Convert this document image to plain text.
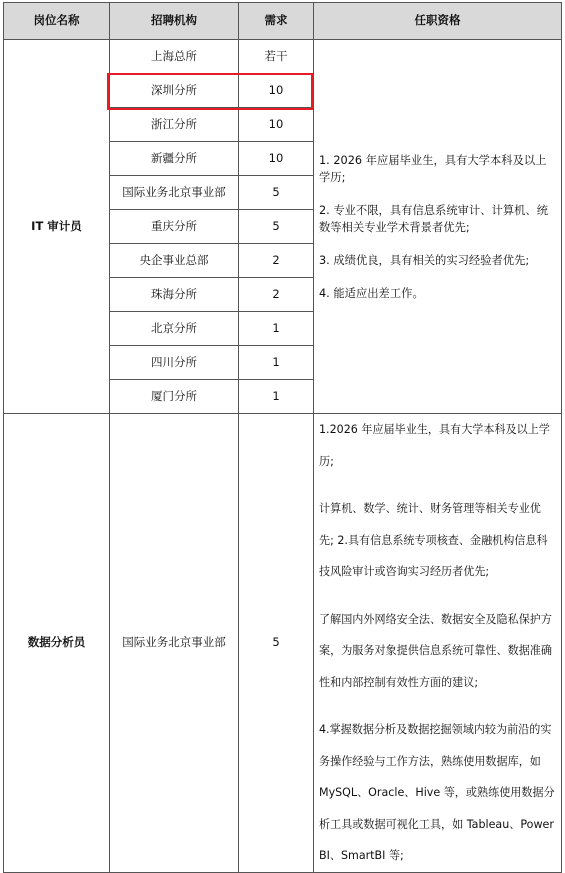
岗位名称	招聘机构	需求	任职资格
IT 审计员	上海总所	若干	1. 2026 年应届毕业生，具有大学本科及以上学历;

2. 专业不限，具有信息系统审计、计算机、统数等相关专业学术背景者优先;

3. 成绩优良，具有相关的实习经验者优先;

4. 能适应出差工作。

	深圳分所	10	
	浙江分所	10	
	新疆分所	10	
	国际业务北京事业部	5	
	重庆分所	5	
	央企事业总部	2	
	珠海分所	2	
	北京分所	1	
	四川分所	1	
	厦门分所	1	
数据分析员	国际业务北京事业部	5	1.2026 年应届毕业生，具有大学本科及以上学历;

计算机、数学、统计、财务管理等相关专业优先; 2.具有信息系统专项核查、金融机构信息科技风险审计或咨询实习经历者优先;

了解国内外网络安全法、数据安全及隐私保护方案，为服务对象提供信息系统可靠性、数据准确性和内部控制有效性方面的建议;

4.掌握数据分析及数据挖掘领域内较为前沿的实务操作经验与工作方法，熟练使用数据库，如 MySQL、Oracle、Hive 等，或熟练使用数据分析工具或数据可视化工具，如 Tableau、Power BI、SmartBI 等;
